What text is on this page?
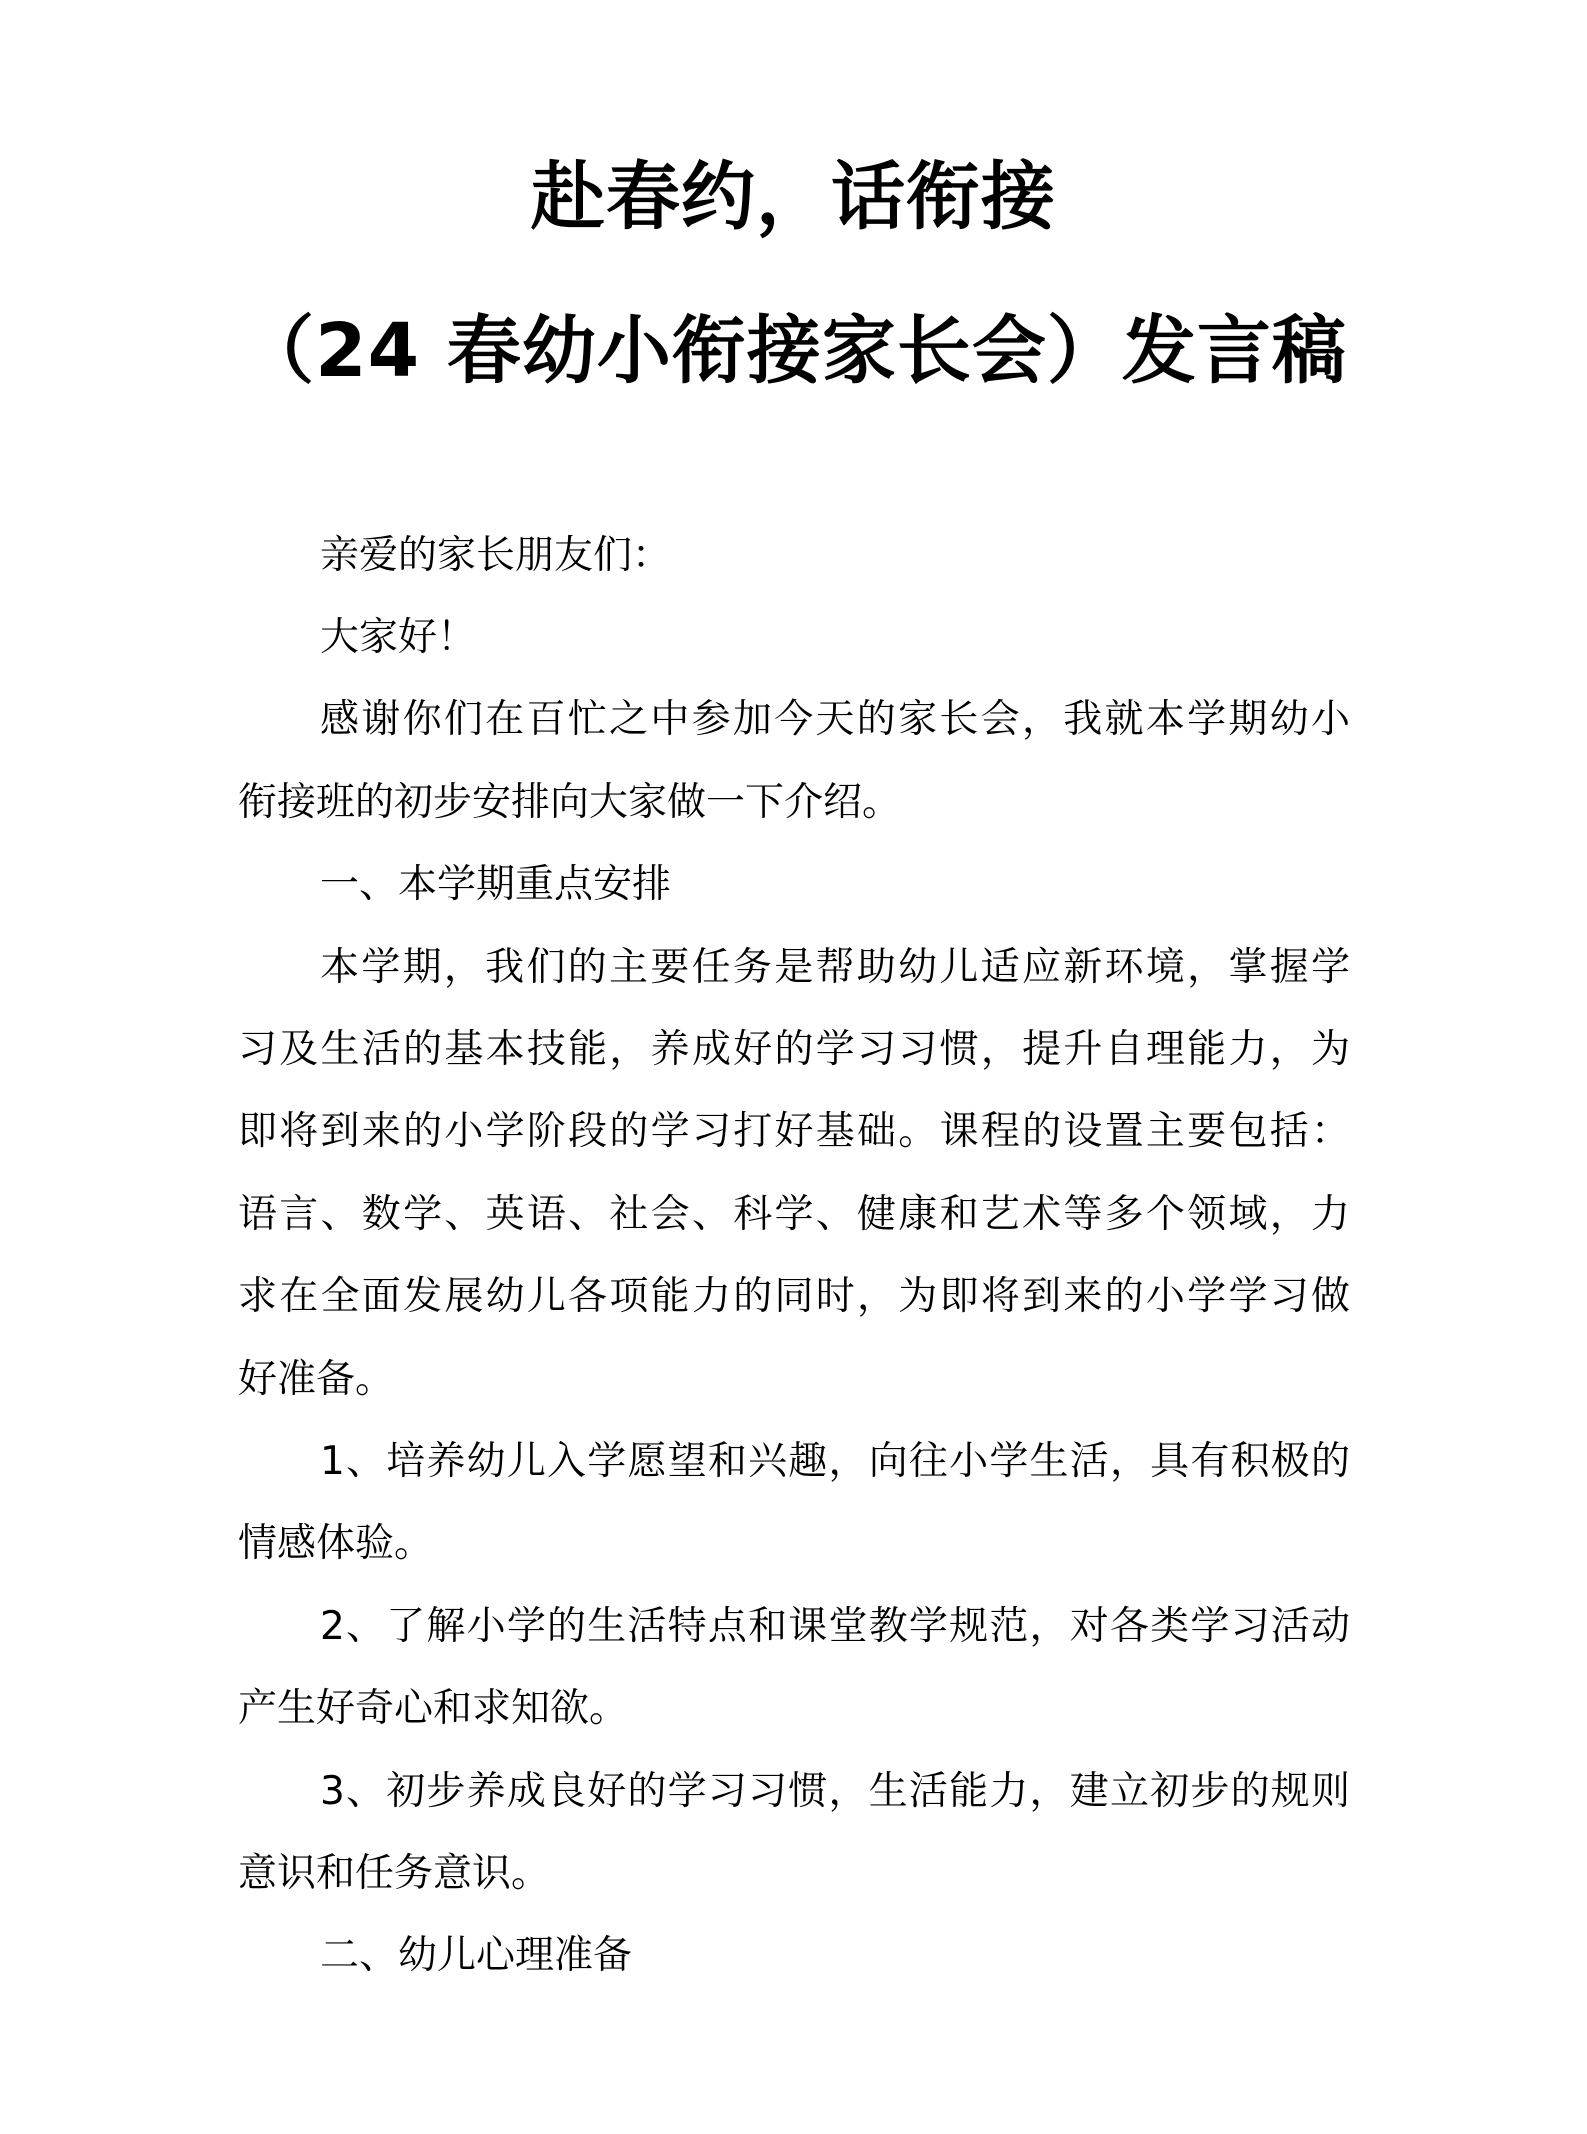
赴春约，话衔接
（24 春幼小衔接家长会）发言稿
亲爱的家长朋友们：
大家好！
感谢你们在百忙之中参加今天的家长会，我就本学期幼小
衔接班的初步安排向大家做一下介绍。
一、本学期重点安排
本学期，我们的主要任务是帮助幼儿适应新环境，掌握学
习及生活的基本技能，养成好的学习习惯，提升自理能力，为
即将到来的小学阶段的学习打好基础。课程的设置主要包括：
语言、数学、英语、社会、科学、健康和艺术等多个领域，力
求在全面发展幼儿各项能力的同时，为即将到来的小学学习做
好准备。
1、培养幼儿入学愿望和兴趣，向往小学生活，具有积极的
情感体验。
2、了解小学的生活特点和课堂教学规范，对各类学习活动
产生好奇心和求知欲。
3、初步养成良好的学习习惯，生活能力，建立初步的规则
意识和任务意识。
二、幼儿心理准备
